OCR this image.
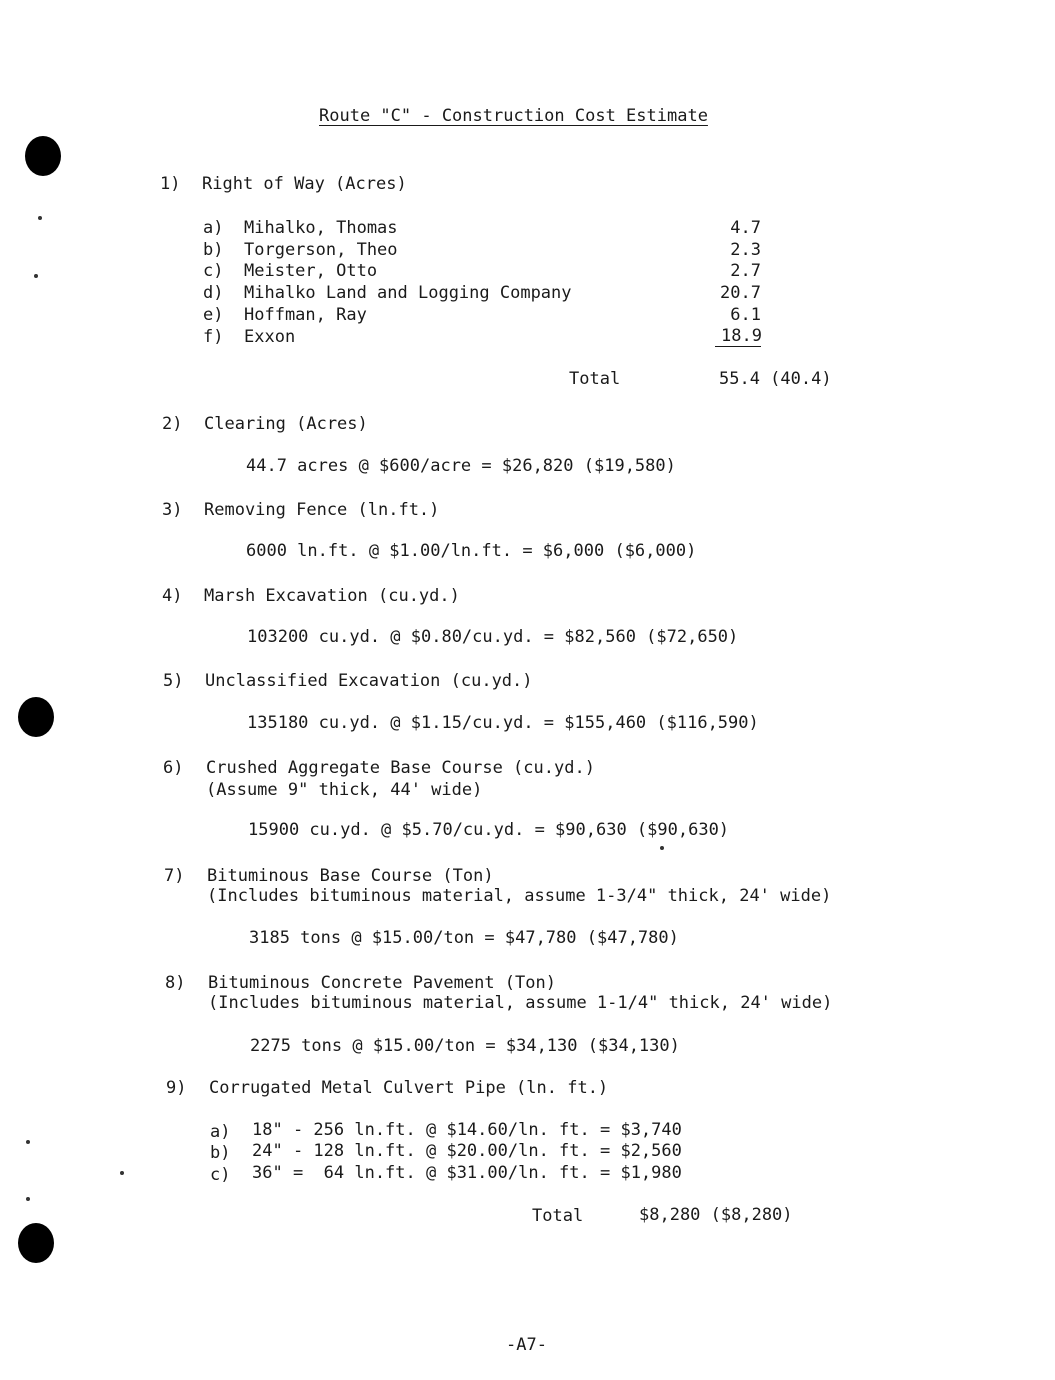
Route "C" - Construction Cost Estimate
1) Right of Way (Acres)
a) Mihalko, Thomas	4.7
b) Torgerson, Theo	2.3
c) Meister, Otto	2.7
d) Mihalko Land and Logging Company	20.7
e) Hoffman, Ray	6.1
f) Exxon	18.9
Total	55.4 (40.4)
2) Clearing (Acres)
44.7 acres @ $600/acre = $26,820 ($19,580)
3) Removing Fence (ln.ft.)
6000 ln.ft. @ $1.00/ln.ft. = $6,000 ($6,000)
4) Marsh Excavation (cu.yd.)
103200 cu.yd. @ $0.80/cu.yd. = $82,560 ($72,650)
5) Unclassified Excavation (cu.yd.)
135180 cu.yd. @ $1.15/cu.yd. = $155,460 ($116,590)
6) Crushed Aggregate Base Course (cu.yd.)
(Assume 9" thick, 44' wide)
15900 cu.yd. @ $5.70/cu.yd. = $90,630 ($90,630)
7) Bituminous Base Course (Ton)
(Includes bituminous material, assume 1-3/4" thick, 24' wide)
3185 tons @ $15.00/ton = $47,780 ($47,780)
8) Bituminous Concrete Pavement (Ton)
(Includes bituminous material, assume 1-1/4" thick, 24' wide)
2275 tons @ $15.00/ton = $34,130 ($34,130)
9) Corrugated Metal Culvert Pipe (ln. ft.)
a) 18" - 256 ln.ft. @ $14.60/ln. ft. = $3,740
b) 24" - 128 ln.ft. @ $20.00/ln. ft. = $2,560
c) 36" =  64 ln.ft. @ $31.00/ln. ft. = $1,980
Total	$8,280 ($8,280)
-A7-
